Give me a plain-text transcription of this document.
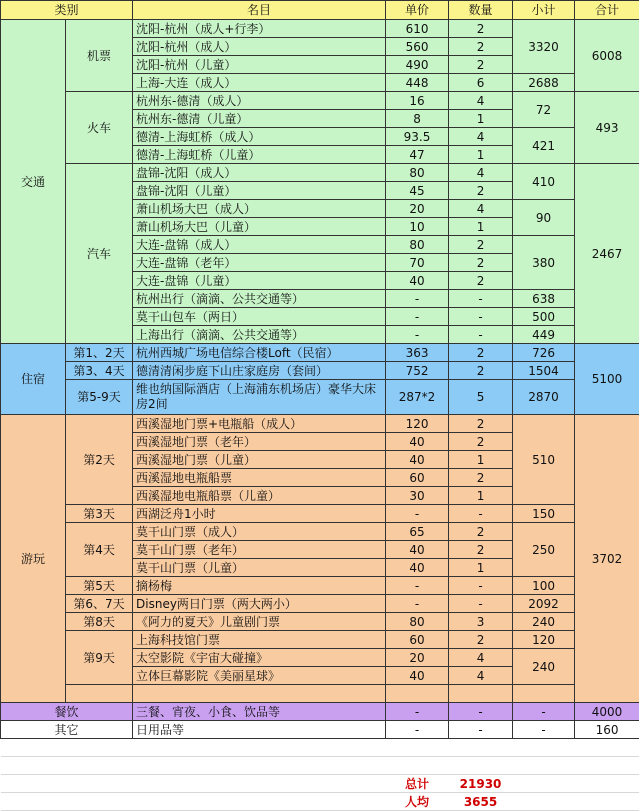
类别		名目	单价	数量	小计	合计
交通	机票	沈阳-杭州（成人+行李）	610	2	3320	6008
		沈阳-杭州（成人）	560	2		
		沈阳-杭州（儿童）	490	2		
		上海-大连（成人）	448	6	2688	
	火车	杭州东-德清（成人）	16	4	72	493
		杭州东-德清（儿童）	8	1		
		德清-上海虹桥（成人）	93.5	4	421	
		德清-上海虹桥（儿童）	47	1		
	汽车	盘锦-沈阳（成人）	80	4	410	2467
		盘锦-沈阳（儿童）	45	2		
		萧山机场大巴（成人）	20	4	90	
		萧山机场大巴（儿童）	10	1		
		大连-盘锦（成人）	80	2	380	
		大连-盘锦（老年）	70	2		
		大连-盘锦（儿童）	40	2		
		杭州出行（滴滴、公共交通等）	-	-	638	
		莫干山包车（两日）	-	-	500	
		上海出行（滴滴、公共交通等）	-	-	449	
住宿	第1、2天	杭州西城广场电信综合楼Loft（民宿）	363	2	726	5100
	第3、4天	德清清闲步庭下山庄家庭房（套间）	752	2	1504	
	第5-9天	维也纳国际酒店（上海浦东机场店）豪华大床房2间	287*2	5	2870	
游玩	第2天	西溪湿地门票+电瓶船（成人）	120	2	510	3702
		西溪湿地门票（老年）	40	2		
		西溪湿地门票（儿童）	40	1		
		西溪湿地电瓶船票	60	2		
		西溪湿地电瓶船票（儿童）	30	1		
	第3天	西湖泛舟1小时	-	-	150	
	第4天	莫干山门票（成人）	65	2	250	
		莫干山门票（老年）	40	2		
		莫干山门票（儿童）	40	1		
	第5天	摘杨梅	-	-	100	
	第6、7天	Disney两日门票（两大两小）	-	-	2092	
	第8天	《阿力的夏天》儿童剧门票	80	3	240	
	第9天	上海科技馆门票	60	2	120	
		太空影院《宇宙大碰撞》	20	4	240	
		立体巨幕影院《美丽星球》	40	4		

餐饮		三餐、宵夜、小食、饮品等	-	-	-	4000
其它		日用品等	-	-	-	160

			总计	21930		
			人均	3655		
